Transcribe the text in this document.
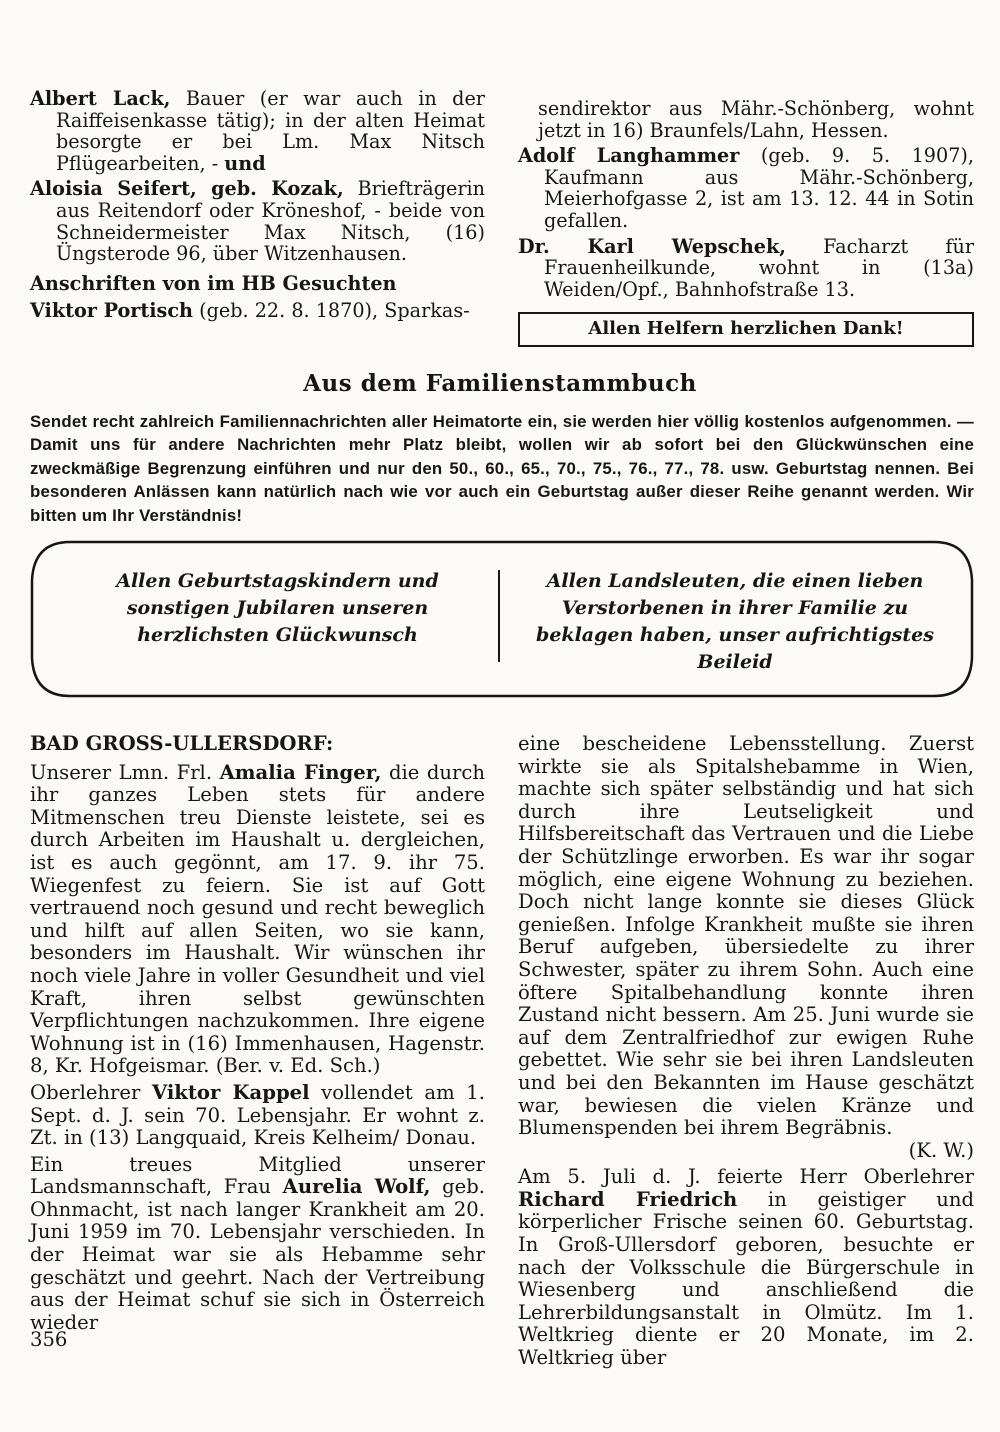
Albert Lack, Bauer (er war auch in der Raiffeisenkasse tätig); in der alten Heimat besorgte er bei Lm. Max Nitsch Pflügearbeiten, - und

Aloisia Seifert, geb. Kozak, Briefträgerin aus Reitendorf oder Kröneshof, - beide von Schneidermeister Max Nitsch, (16) Üngsterode 96, über Witzenhausen.

Anschriften von im HB Gesuchten

Viktor Portisch (geb. 22. 8. 1870), Sparkas-

sendirektor aus Mähr.-Schönberg, wohnt jetzt in 16) Braunfels/Lahn, Hessen.

Adolf Langhammer (geb. 9. 5. 1907), Kaufmann aus Mähr.-Schönberg, Meierhofgasse 2, ist am 13. 12. 44 in Sotin gefallen.

Dr. Karl Wepschek, Facharzt für Frauenheilkunde, wohnt in (13a) Weiden/Opf., Bahnhofstraße 13.

Allen Helfern herzlichen Dank!
Aus dem Familienstammbuch
Sendet recht zahlreich Familiennachrichten aller Heimatorte ein, sie werden hier völlig kostenlos aufgenommen. — Damit uns für andere Nachrichten mehr Platz bleibt, wollen wir ab sofort bei den Glückwünschen eine zweckmäßige Begrenzung einführen und nur den 50., 60., 65., 70., 75., 76., 77., 78. usw. Geburtstag nennen. Bei besonderen Anlässen kann natürlich nach wie vor auch ein Geburtstag außer dieser Reihe genannt werden. Wir bitten um Ihr Verständnis!
Allen Geburtstagskindern und sonstigen Jubilaren unseren herzlichsten Glückwunsch
Allen Landsleuten, die einen lieben Verstorbenen in ihrer Familie zu beklagen haben, unser aufrichtigstes Beileid
BAD GROSS-ULLERSDORF:

Unserer Lmn. Frl. Amalia Finger, die durch ihr ganzes Leben stets für andere Mitmenschen treu Dienste leistete, sei es durch Arbeiten im Haushalt u. dergleichen, ist es auch gegönnt, am 17. 9. ihr 75. Wiegenfest zu feiern. Sie ist auf Gott vertrauend noch gesund und recht beweglich und hilft auf allen Seiten, wo sie kann, besonders im Haushalt. Wir wünschen ihr noch viele Jahre in voller Gesundheit und viel Kraft, ihren selbst gewünschten Verpflichtungen nachzukommen. Ihre eigene Wohnung ist in (16) Immenhausen, Hagenstr. 8, Kr. Hofgeismar. (Ber. v. Ed. Sch.)

Oberlehrer Viktor Kappel vollendet am 1. Sept. d. J. sein 70. Lebensjahr. Er wohnt z. Zt. in (13) Langquaid, Kreis Kelheim/ Donau.

Ein treues Mitglied unserer Landsmannschaft, Frau Aurelia Wolf, geb. Ohnmacht, ist nach langer Krankheit am 20. Juni 1959 im 70. Lebensjahr verschieden. In der Heimat war sie als Hebamme sehr geschätzt und geehrt. Nach der Vertreibung aus der Heimat schuf sie sich in Österreich wieder

eine bescheidene Lebensstellung. Zuerst wirkte sie als Spitalshebamme in Wien, machte sich später selbständig und hat sich durch ihre Leutseligkeit und Hilfsbereitschaft das Vertrauen und die Liebe der Schützlinge erworben. Es war ihr sogar möglich, eine eigene Wohnung zu beziehen. Doch nicht lange konnte sie dieses Glück genießen. Infolge Krankheit mußte sie ihren Beruf aufgeben, übersiedelte zu ihrer Schwester, später zu ihrem Sohn. Auch eine öftere Spitalbehandlung konnte ihren Zustand nicht bessern. Am 25. Juni wurde sie auf dem Zentralfriedhof zur ewigen Ruhe gebettet. Wie sehr sie bei ihren Landsleuten und bei den Bekannten im Hause geschätzt war, bewiesen die vielen Kränze und Blumenspenden bei ihrem Begräbnis.
(K. W.)

Am 5. Juli d. J. feierte Herr Oberlehrer Richard Friedrich in geistiger und körperlicher Frische seinen 60. Geburtstag. In Groß-Ullersdorf geboren, besuchte er nach der Volksschule die Bürgerschule in Wiesenberg und anschließend die Lehrerbildungsanstalt in Olmütz. Im 1. Weltkrieg diente er 20 Monate, im 2. Weltkrieg über

356
